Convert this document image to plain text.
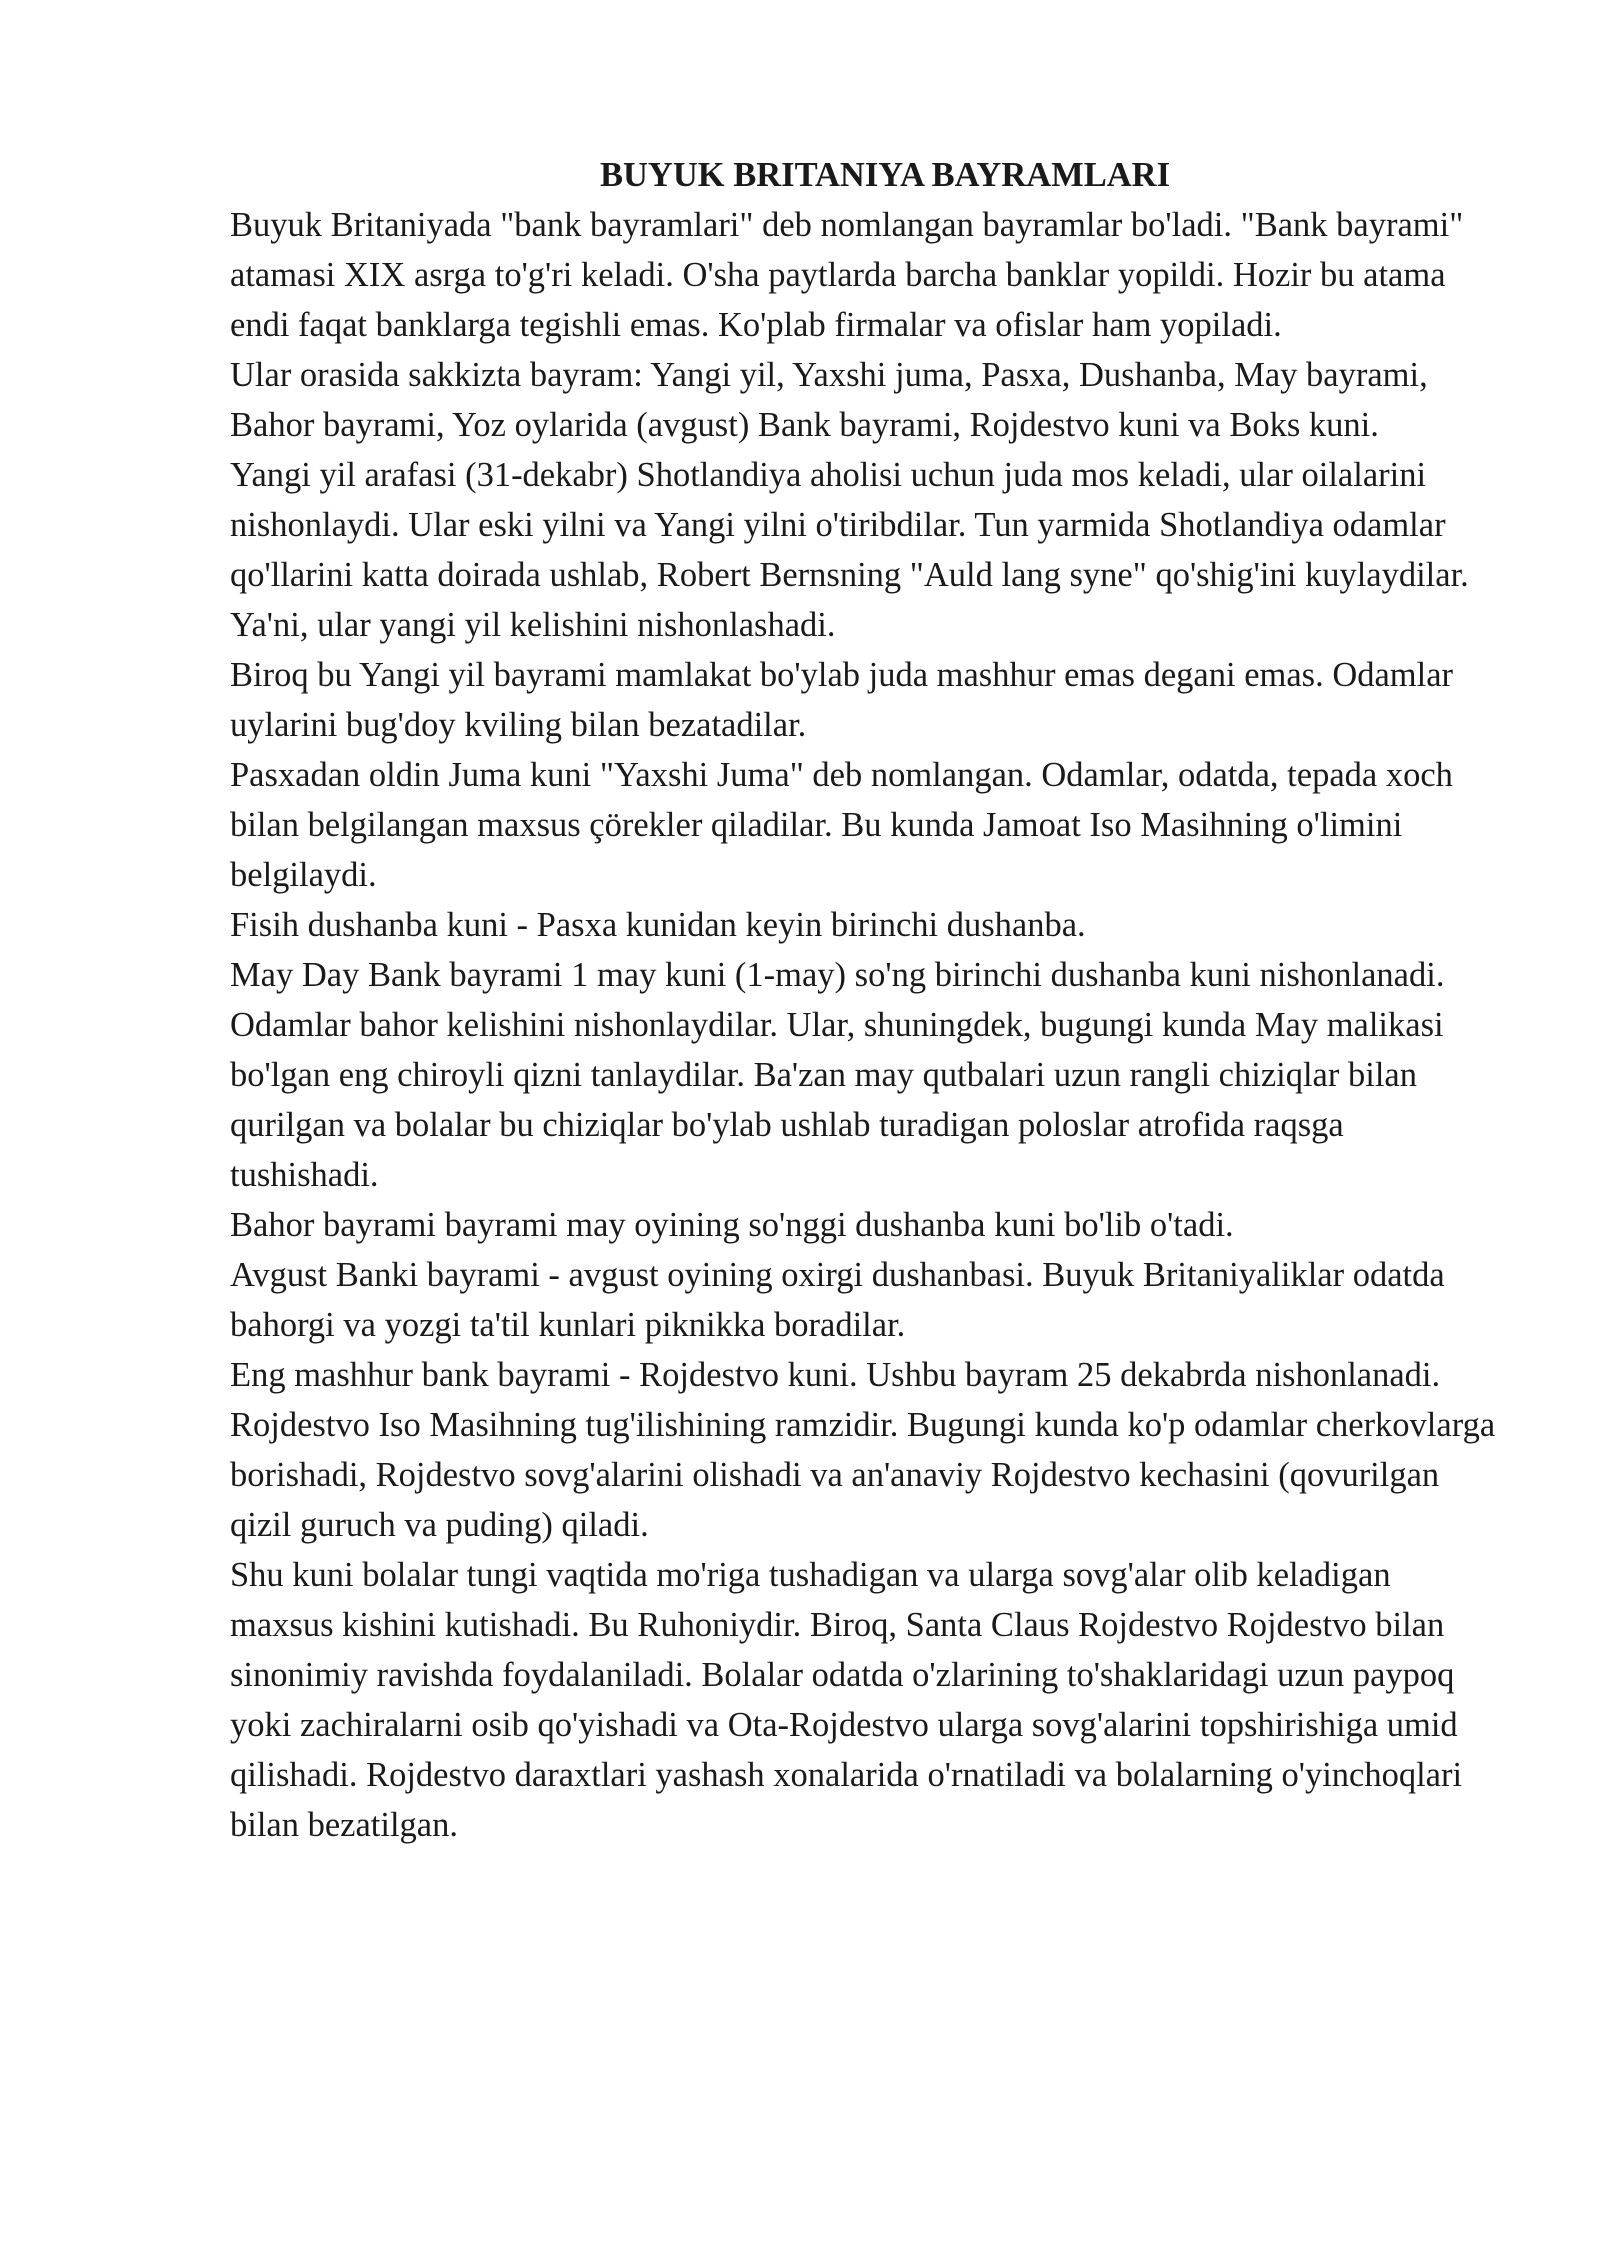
BUYUK BRITANIYA BAYRAMLARI

Buyuk Britaniyada "bank bayramlari" deb nomlangan bayramlar bo'ladi. "Bank bayrami" atamasi XIX asrga to'g'ri keladi. O'sha paytlarda barcha banklar yopildi. Hozir bu atama endi faqat banklarga tegishli emas. Ko'plab firmalar va ofislar ham yopiladi.

Ular orasida sakkizta bayram: Yangi yil, Yaxshi juma, Pasxa, Dushanba, May bayrami, Bahor bayrami, Yoz oylarida (avgust) Bank bayrami, Rojdestvo kuni va Boks kuni.

Yangi yil arafasi (31-dekabr) Shotlandiya aholisi uchun juda mos keladi, ular oilalarini nishonlaydi. Ular eski yilni va Yangi yilni o'tiribdilar. Tun yarmida Shotlandiya odamlar qo'llarini katta doirada ushlab, Robert Bernsning "Auld lang syne" qo'shig'ini kuylaydilar. Ya'ni, ular yangi yil kelishini nishonlashadi.

Biroq bu Yangi yil bayrami mamlakat bo'ylab juda mashhur emas degani emas. Odamlar uylarini bug'doy kviling bilan bezatadilar.

Pasxadan oldin Juma kuni "Yaxshi Juma" deb nomlangan. Odamlar, odatda, tepada xoch bilan belgilangan maxsus çörekler qiladilar. Bu kunda Jamoat Iso Masihning o'limini belgilaydi.

Fisih dushanba kuni - Pasxa kunidan keyin birinchi dushanba.

May Day Bank bayrami 1 may kuni (1-may) so'ng birinchi dushanba kuni nishonlanadi. Odamlar bahor kelishini nishonlaydilar. Ular, shuningdek, bugungi kunda May malikasi bo'lgan eng chiroyli qizni tanlaydilar. Ba'zan may qutbalari uzun rangli chiziqlar bilan qurilgan va bolalar bu chiziqlar bo'ylab ushlab turadigan poloslar atrofida raqsga tushishadi.

Bahor bayrami bayrami may oyining so'nggi dushanba kuni bo'lib o'tadi.

Avgust Banki bayrami - avgust oyining oxirgi dushanbasi. Buyuk Britaniyaliklar odatda bahorgi va yozgi ta'til kunlari piknikka boradilar.

Eng mashhur bank bayrami - Rojdestvo kuni. Ushbu bayram 25 dekabrda nishonlanadi. Rojdestvo Iso Masihning tug'ilishining ramzidir. Bugungi kunda ko'p odamlar cherkovlarga borishadi, Rojdestvo sovg'alarini olishadi va an'anaviy Rojdestvo kechasini (qovurilgan qizil guruch va puding) qiladi.

Shu kuni bolalar tungi vaqtida mo'riga tushadigan va ularga sovg'alar olib keladigan maxsus kishini kutishadi. Bu Ruhoniydir. Biroq, Santa Claus Rojdestvo Rojdestvo bilan sinonimiy ravishda foydalaniladi. Bolalar odatda o'zlarining to'shaklaridagi uzun paypoq yoki zachiralarni osib qo'yishadi va Ota-Rojdestvo ularga sovg'alarini topshirishiga umid qilishadi. Rojdestvo daraxtlari yashash xonalarida o'rnatiladi va bolalarning o'yinchoqlari bilan bezatilgan.
